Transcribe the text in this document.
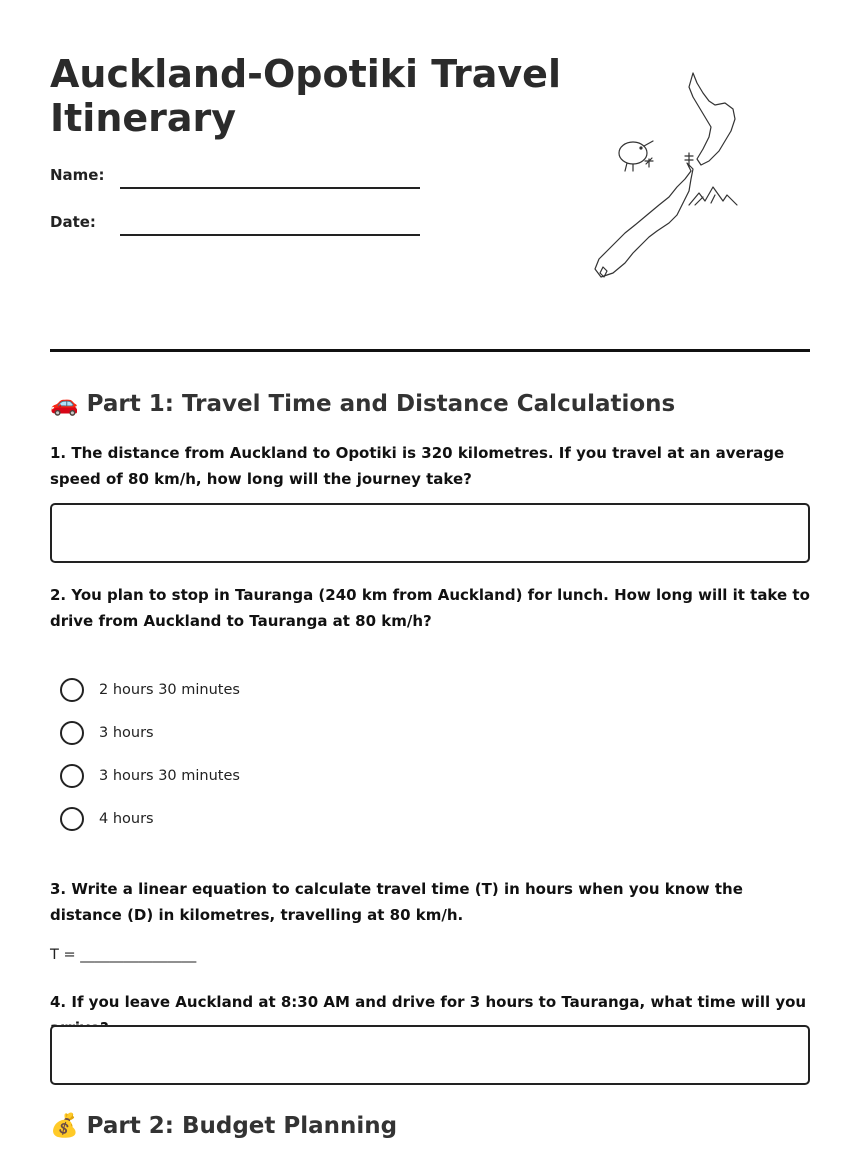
Auckland-Opotiki Travel Itinerary
Name:
Date:
🚗 Part 1: Travel Time and Distance Calculations
1. The distance from Auckland to Opotiki is 320 kilometres. If you travel at an average speed of 80 km/h, how long will the journey take?
2. You plan to stop in Tauranga (240 km from Auckland) for lunch. How long will it take to drive from Auckland to Tauranga at 80 km/h?
2 hours 30 minutes
3 hours
3 hours 30 minutes
4 hours
3. Write a linear equation to calculate travel time (T) in hours when you know the distance (D) in kilometres, travelling at 80 km/h.
T = ________________
4. If you leave Auckland at 8:30 AM and drive for 3 hours to Tauranga, what time will you
💰 Part 2: Budget Planning
